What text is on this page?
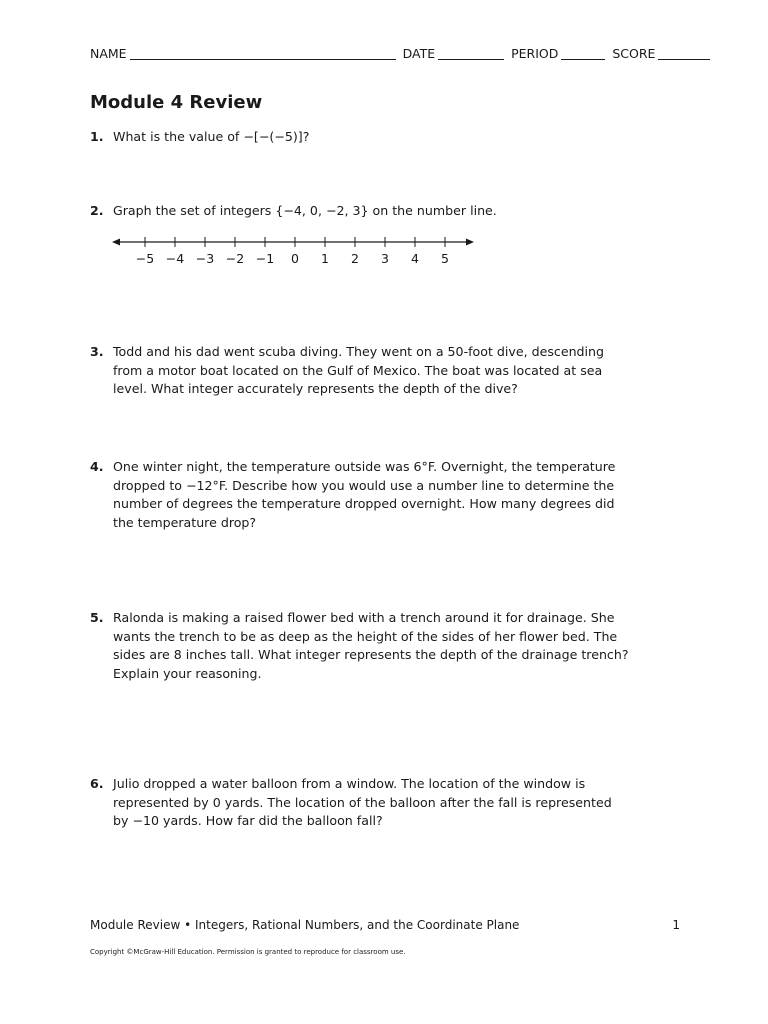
NAME	DATE	PERIOD	SCORE
Module 4 Review
1. What is the value of −[−(−5)]?
2. Graph the set of integers {−4, 0, −2, 3} on the number line.
−5 −4 −3 −2 −1 0 1 2 3 4 5
3. Todd and his dad went scuba diving. They went on a 50-foot dive, descending from a motor boat located on the Gulf of Mexico. The boat was located at sea level. What integer accurately represents the depth of the dive?
4. One winter night, the temperature outside was 6°F. Overnight, the temperature dropped to −12°F. Describe how you would use a number line to determine the number of degrees the temperature dropped overnight. How many degrees did the temperature drop?
5. Ralonda is making a raised flower bed with a trench around it for drainage. She wants the trench to be as deep as the height of the sides of her flower bed. The sides are 8 inches tall. What integer represents the depth of the drainage trench? Explain your reasoning.
6. Julio dropped a water balloon from a window. The location of the window is represented by 0 yards. The location of the balloon after the fall is represented by −10 yards. How far did the balloon fall?
Module Review • Integers, Rational Numbers, and the Coordinate Plane	1
Copyright ©McGraw-Hill Education. Permission is granted to reproduce for classroom use.
